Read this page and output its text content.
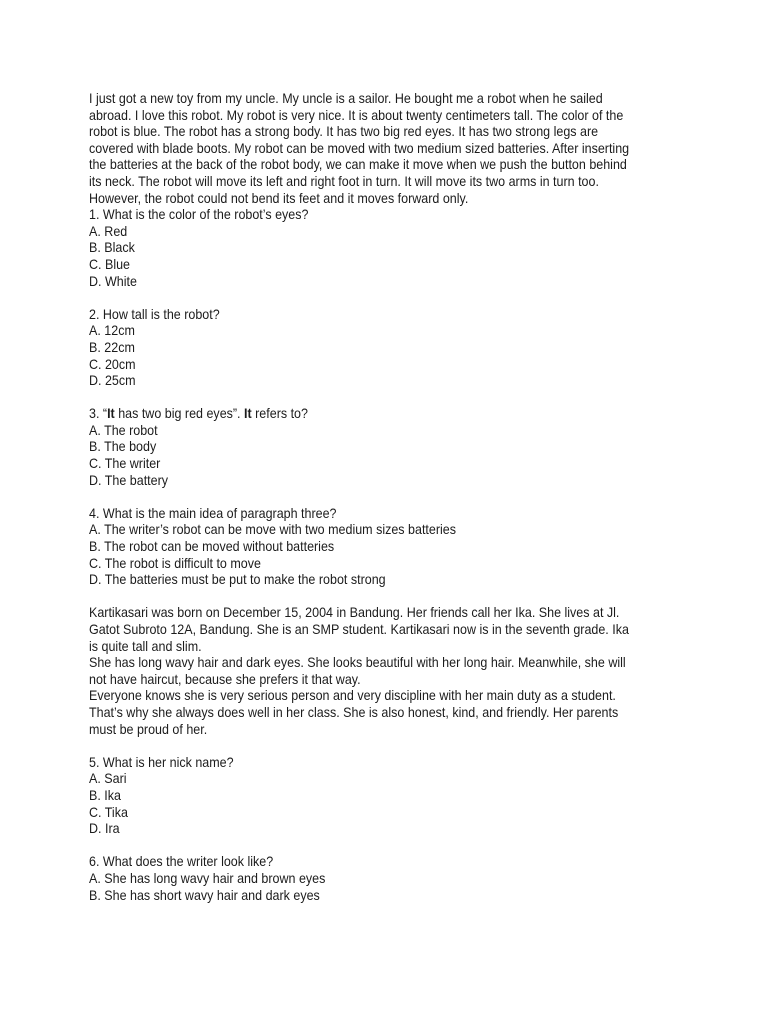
I just got a new toy from my uncle. My uncle is a sailor. He bought me a robot when he sailed abroad. I love this robot. My robot is very nice. It is about twenty centimeters tall. The color of the robot is blue. The robot has a strong body. It has two big red eyes. It has two strong legs are covered with blade boots. My robot can be moved with two medium sized batteries. After inserting the batteries at the back of the robot body, we can make it move when we push the button behind its neck. The robot will move its left and right foot in turn. It will move its two arms in turn too. However, the robot could not bend its feet and it moves forward only.

1. What is the color of the robot’s eyes?
A. Red
B. Black
C. Blue
D. White
2. How tall is the robot?
A. 12cm
B. 22cm
C. 20cm
D. 25cm
3. “It has two big red eyes”. It refers to?
A. The robot
B. The body
C. The writer
D. The battery
4. What is the main idea of paragraph three?
A. The writer’s robot can be move with two medium sizes batteries
B. The robot can be moved without batteries
C. The robot is difficult to move
D. The batteries must be put to make the robot strong

Kartikasari was born on December 15, 2004 in Bandung. Her friends call her Ika. She lives at Jl. Gatot Subroto 12A, Bandung. She is an SMP student. Kartikasari now is in the seventh grade. Ika is quite tall and slim.

She has long wavy hair and dark eyes. She looks beautiful with her long hair. Meanwhile, she will not have haircut, because she prefers it that way.

Everyone knows she is very serious person and very discipline with her main duty as a student. That’s why she always does well in her class. She is also honest, kind, and friendly. Her parents must be proud of her.

5. What is her nick name?
A. Sari
B. Ika
C. Tika
D. Ira
6. What does the writer look like?
A. She has long wavy hair and brown eyes
B. She has short wavy hair and dark eyes
